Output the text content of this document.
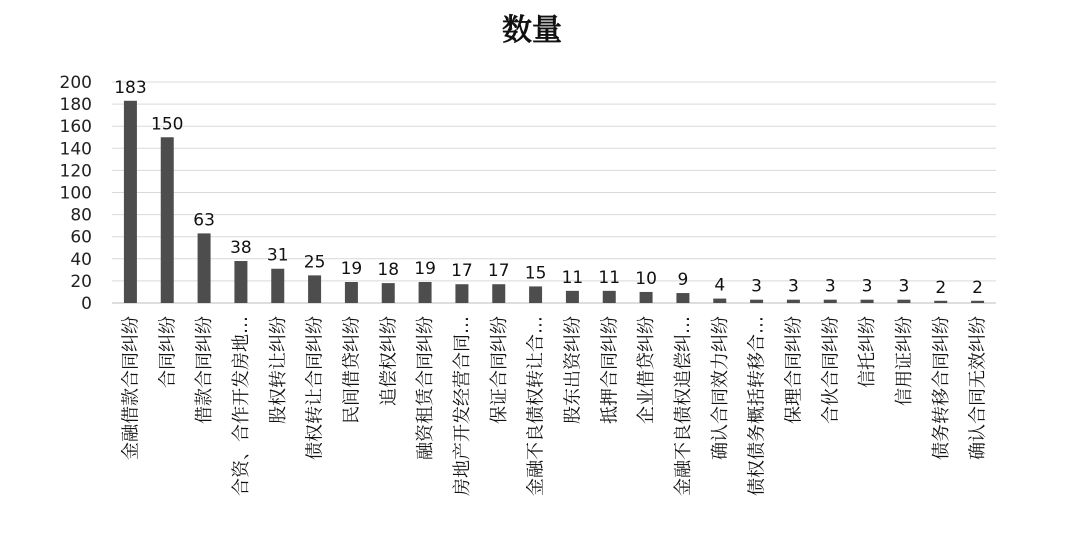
数量
0
20
40
60
80
100
120
140
160
180
200 183
150
63
38 31 25 19 18 19 17 17 15 11 11 10 9 4 3 3 3 3 3 2 2
金融借款合同纠纷 合同纠纷 借款合同纠纷 合资、合作开发房地… 股权转让纠纷 债权转让合同纠纷 民间借贷纠纷 追偿权纠纷 融资租赁合同纠纷 房地产开发经营合同… 保证合同纠纷 金融不良债权转让合… 股东出资纠纷 抵押合同纠纷 企业借贷纠纷 金融不良债权追偿纠… 确认合同效力纠纷 债权债务概括转移合… 保理合同纠纷 合伙合同纠纷 信托纠纷 信用证纠纷 债务转移合同纠纷 确认合同无效纠纷
